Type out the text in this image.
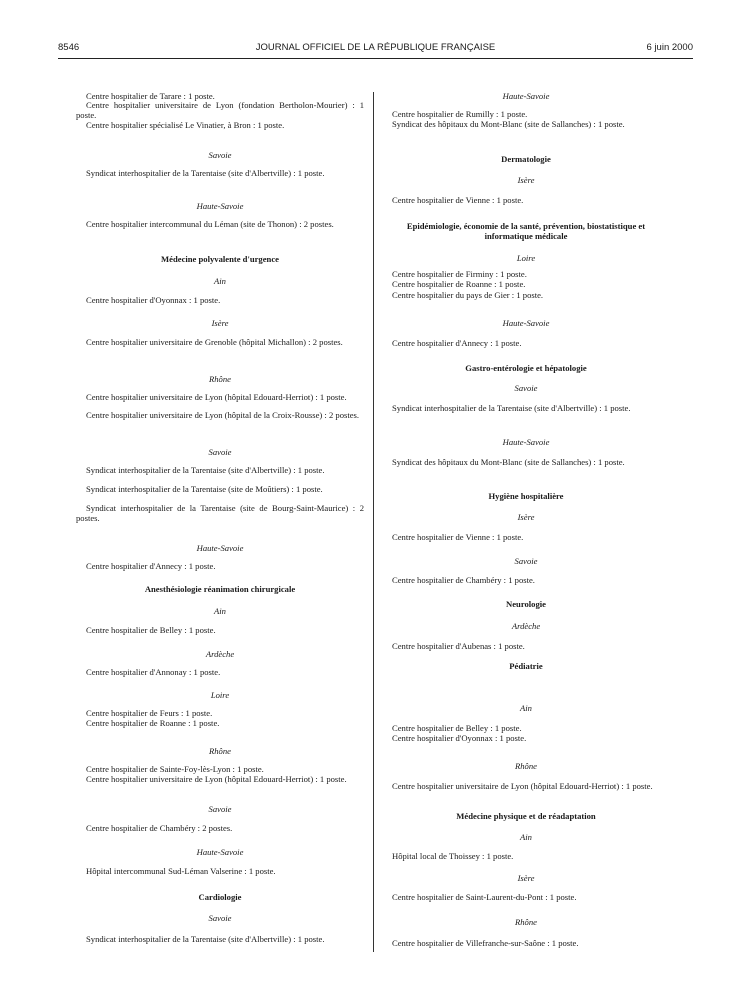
8546	JOURNAL OFFICIEL DE LA RÉPUBLIQUE FRANÇAISE	6 juin 2000
Centre hospitalier de Tarare : 1 poste.
Centre hospitalier universitaire de Lyon (fondation Bertholon-Mourier) : 1 poste.
Centre hospitalier spécialisé Le Vinatier, à Bron : 1 poste.
Savoie
Syndicat interhospitalier de la Tarentaise (site d'Albertville) : 1 poste.
Haute-Savoie
Centre hospitalier intercommunal du Léman (site de Thonon) : 2 postes.
Médecine polyvalente d'urgence
Ain
Centre hospitalier d'Oyonnax : 1 poste.
Isère
Centre hospitalier universitaire de Grenoble (hôpital Michallon) : 2 postes.
Rhône
Centre hospitalier universitaire de Lyon (hôpital Edouard-Herriot) : 1 poste.
Centre hospitalier universitaire de Lyon (hôpital de la Croix-Rousse) : 2 postes.
Savoie
Syndicat interhospitalier de la Tarentaise (site d'Albertville) : 1 poste.
Syndicat interhospitalier de la Tarentaise (site de Moûtiers) : 1 poste.
Syndicat interhospitalier de la Tarentaise (site de Bourg-Saint-Maurice) : 2 postes.
Haute-Savoie
Centre hospitalier d'Annecy : 1 poste.
Anesthésiologie réanimation chirurgicale
Ain
Centre hospitalier de Belley : 1 poste.
Ardèche
Centre hospitalier d'Annonay : 1 poste.
Loire
Centre hospitalier de Feurs : 1 poste.
Centre hospitalier de Roanne : 1 poste.
Rhône
Centre hospitalier de Sainte-Foy-lès-Lyon : 1 poste.
Centre hospitalier universitaire de Lyon (hôpital Edouard-Herriot) : 1 poste.
Savoie
Centre hospitalier de Chambéry : 2 postes.
Haute-Savoie
Hôpital intercommunal Sud-Léman Valserine : 1 poste.
Cardiologie
Savoie
Syndicat interhospitalier de la Tarentaise (site d'Albertville) : 1 poste.
Haute-Savoie
Centre hospitalier de Rumilly : 1 poste.
Syndicat des hôpitaux du Mont-Blanc (site de Sallanches) : 1 poste.
Dermatologie
Isère
Centre hospitalier de Vienne : 1 poste.
Epidémiologie, économie de la santé, prévention, biostatistique et informatique médicale
Loire
Centre hospitalier de Firminy : 1 poste.
Centre hospitalier de Roanne : 1 poste.
Centre hospitalier du pays de Gier : 1 poste.
Haute-Savoie
Centre hospitalier d'Annecy : 1 poste.
Gastro-entérologie et hépatologie
Savoie
Syndicat interhospitalier de la Tarentaise (site d'Albertville) : 1 poste.
Haute-Savoie
Syndicat des hôpitaux du Mont-Blanc (site de Sallanches) : 1 poste.
Hygiène hospitalière
Isère
Centre hospitalier de Vienne : 1 poste.
Savoie
Centre hospitalier de Chambéry : 1 poste.
Neurologie
Ardèche
Centre hospitalier d'Aubenas : 1 poste.
Pédiatrie
Ain
Centre hospitalier de Belley : 1 poste.
Centre hospitalier d'Oyonnax : 1 poste.
Rhône
Centre hospitalier universitaire de Lyon (hôpital Edouard-Herriot) : 1 poste.
Médecine physique et de réadaptation
Ain
Hôpital local de Thoissey : 1 poste.
Isère
Centre hospitalier de Saint-Laurent-du-Pont : 1 poste.
Rhône
Centre hospitalier de Villefranche-sur-Saône : 1 poste.
